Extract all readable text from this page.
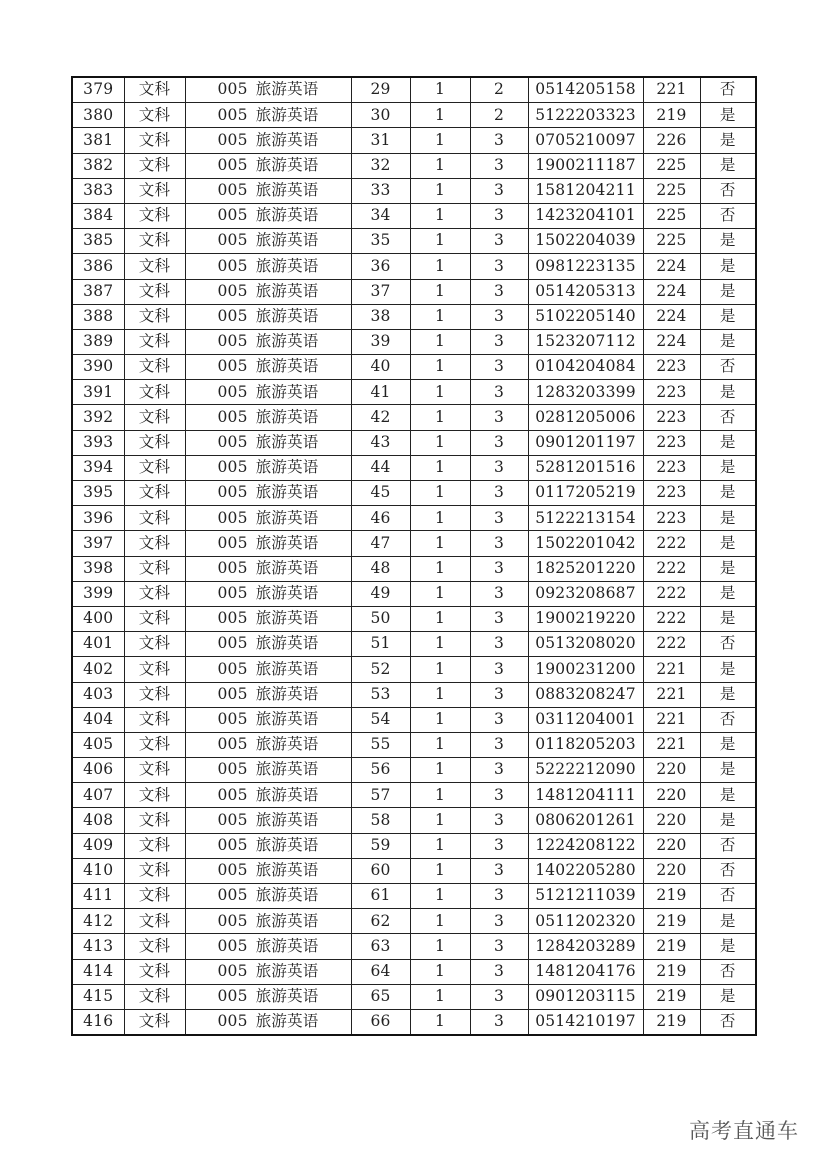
379	文科	005 旅游英语	29	1	2	0514205158	221	否
380	文科	005 旅游英语	30	1	2	5122203323	219	是
381	文科	005 旅游英语	31	1	3	0705210097	226	是
382	文科	005 旅游英语	32	1	3	1900211187	225	是
383	文科	005 旅游英语	33	1	3	1581204211	225	否
384	文科	005 旅游英语	34	1	3	1423204101	225	否
385	文科	005 旅游英语	35	1	3	1502204039	225	是
386	文科	005 旅游英语	36	1	3	0981223135	224	是
387	文科	005 旅游英语	37	1	3	0514205313	224	是
388	文科	005 旅游英语	38	1	3	5102205140	224	是
389	文科	005 旅游英语	39	1	3	1523207112	224	是
390	文科	005 旅游英语	40	1	3	0104204084	223	否
391	文科	005 旅游英语	41	1	3	1283203399	223	是
392	文科	005 旅游英语	42	1	3	0281205006	223	否
393	文科	005 旅游英语	43	1	3	0901201197	223	是
394	文科	005 旅游英语	44	1	3	5281201516	223	是
395	文科	005 旅游英语	45	1	3	0117205219	223	是
396	文科	005 旅游英语	46	1	3	5122213154	223	是
397	文科	005 旅游英语	47	1	3	1502201042	222	是
398	文科	005 旅游英语	48	1	3	1825201220	222	是
399	文科	005 旅游英语	49	1	3	0923208687	222	是
400	文科	005 旅游英语	50	1	3	1900219220	222	是
401	文科	005 旅游英语	51	1	3	0513208020	222	否
402	文科	005 旅游英语	52	1	3	1900231200	221	是
403	文科	005 旅游英语	53	1	3	0883208247	221	是
404	文科	005 旅游英语	54	1	3	0311204001	221	否
405	文科	005 旅游英语	55	1	3	0118205203	221	是
406	文科	005 旅游英语	56	1	3	5222212090	220	是
407	文科	005 旅游英语	57	1	3	1481204111	220	是
408	文科	005 旅游英语	58	1	3	0806201261	220	是
409	文科	005 旅游英语	59	1	3	1224208122	220	否
410	文科	005 旅游英语	60	1	3	1402205280	220	否
411	文科	005 旅游英语	61	1	3	5121211039	219	否
412	文科	005 旅游英语	62	1	3	0511202320	219	是
413	文科	005 旅游英语	63	1	3	1284203289	219	是
414	文科	005 旅游英语	64	1	3	1481204176	219	否
415	文科	005 旅游英语	65	1	3	0901203115	219	是
416	文科	005 旅游英语	66	1	3	0514210197	219	否
高考直通车
